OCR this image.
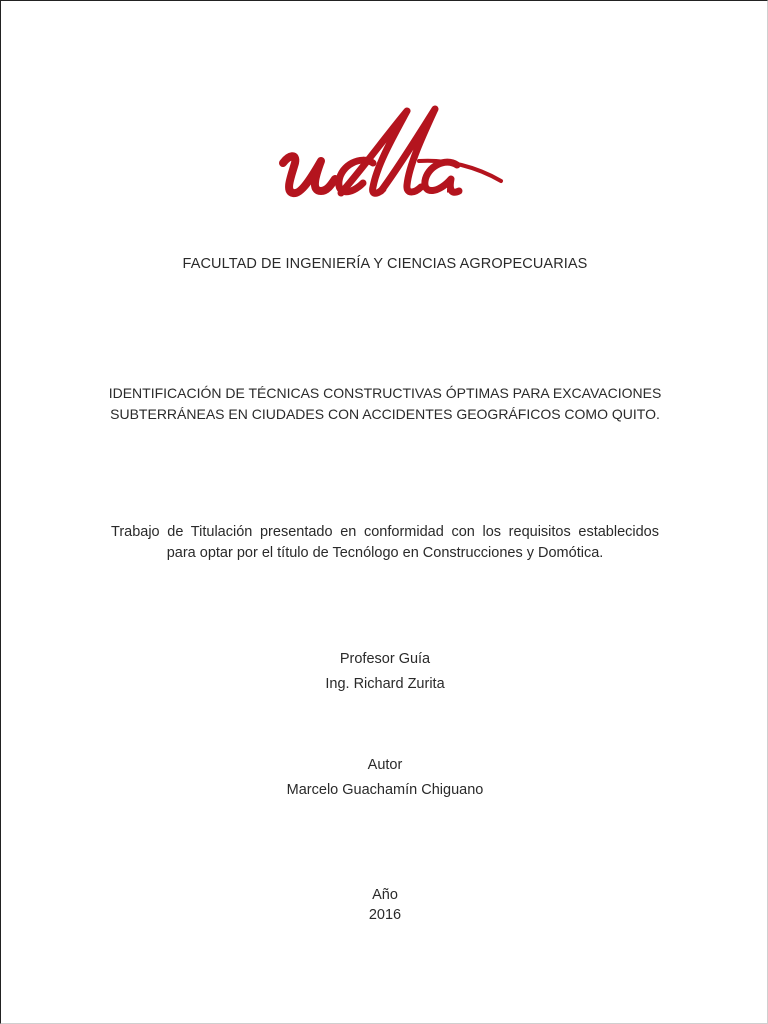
FACULTAD DE INGENIERÍA Y CIENCIAS AGROPECUARIAS
IDENTIFICACIÓN DE TÉCNICAS CONSTRUCTIVAS ÓPTIMAS PARA EXCAVACIONES
SUBTERRÁNEAS EN CIUDADES CON ACCIDENTES GEOGRÁFICOS COMO QUITO.
Trabajo de Titulación presentado en conformidad con los requisitos establecidos
para optar por el título de Tecnólogo en Construcciones y Domótica.
Profesor Guía
Ing. Richard Zurita
Autor
Marcelo Guachamín Chiguano
Año
2016
